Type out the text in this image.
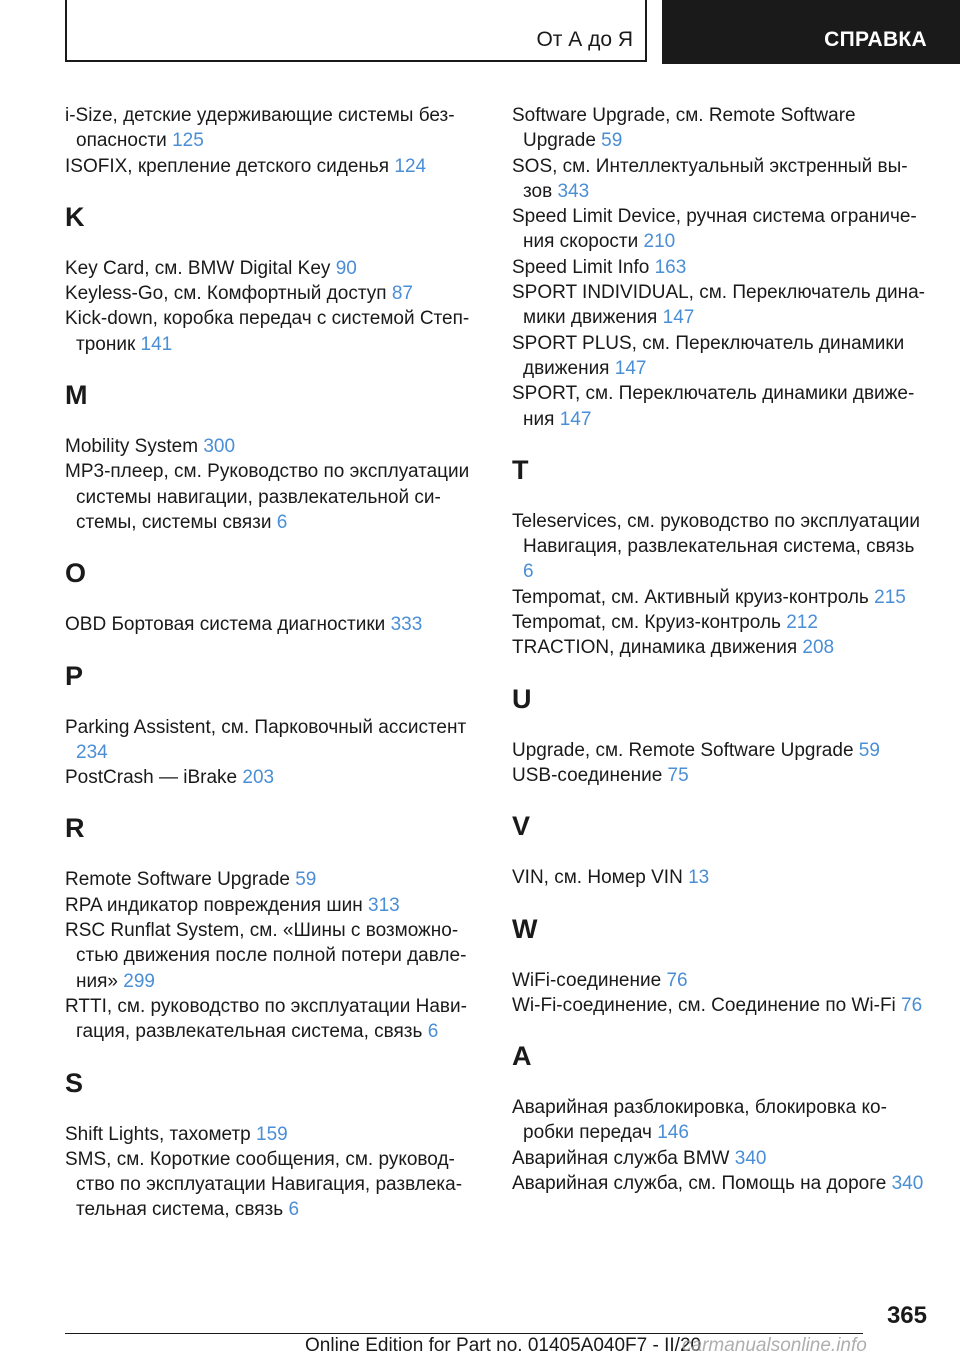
От А до Я	СПРАВКА

i-Size, детские удерживающие системы безопасности 125

ISOFIX, крепление детского сиденья 124

K

Key Card, см. BMW Digital Key 90

Keyless-Go, см. Комфортный доступ 87

Kick-down, коробка передач с системой Стептроник 141

M

Mobility System 300

MP3-плеер, см. Руководство по эксплуатации системы навигации, развлекательной системы, системы связи 6

O

OBD Бортовая система диагностики 333

P

Parking Assistent, см. Парковочный ассистент 234

PostCrash — iBrake 203

R

Remote Software Upgrade 59

RPA индикатор повреждения шин 313

RSC Runflat System, см. «Шины с возможностью движения после полной потери давления» 299

RTTI, см. руководство по эксплуатации Навигация, развлекательная система, связь 6

S

Shift Lights, тахометр 159

SMS, см. Короткие сообщения, см. руководство по эксплуатации Навигация, развлекательная система, связь 6

Software Upgrade, см. Remote Software Upgrade 59

SOS, см. Интеллектуальный экстренный вызов 343

Speed Limit Device, ручная система ограничения скорости 210

Speed Limit Info 163

SPORT INDIVIDUAL, см. Переключатель динамики движения 147

SPORT PLUS, см. Переключатель динамики движения 147

SPORT, см. Переключатель динамики движения 147

T

Teleservices, см. руководство по эксплуатации Навигация, развлекательная система, связь 6

Tempomat, см. Активный круиз-контроль 215

Tempomat, см. Круиз-контроль 212

TRACTION, динамика движения 208

U

Upgrade, см. Remote Software Upgrade 59

USB-соединение 75

V

VIN, см. Номер VIN 13

W

WiFi-соединение 76

Wi-Fi-соединение, см. Соединение по Wi-Fi 76

А

Аварийная разблокировка, блокировка коробки передач 146

Аварийная служба BMW 340

Аварийная служба, см. Помощь на дороге 340

365
Online Edition for Part no. 01405A040F7 - II/20
carmanualsonline.info
